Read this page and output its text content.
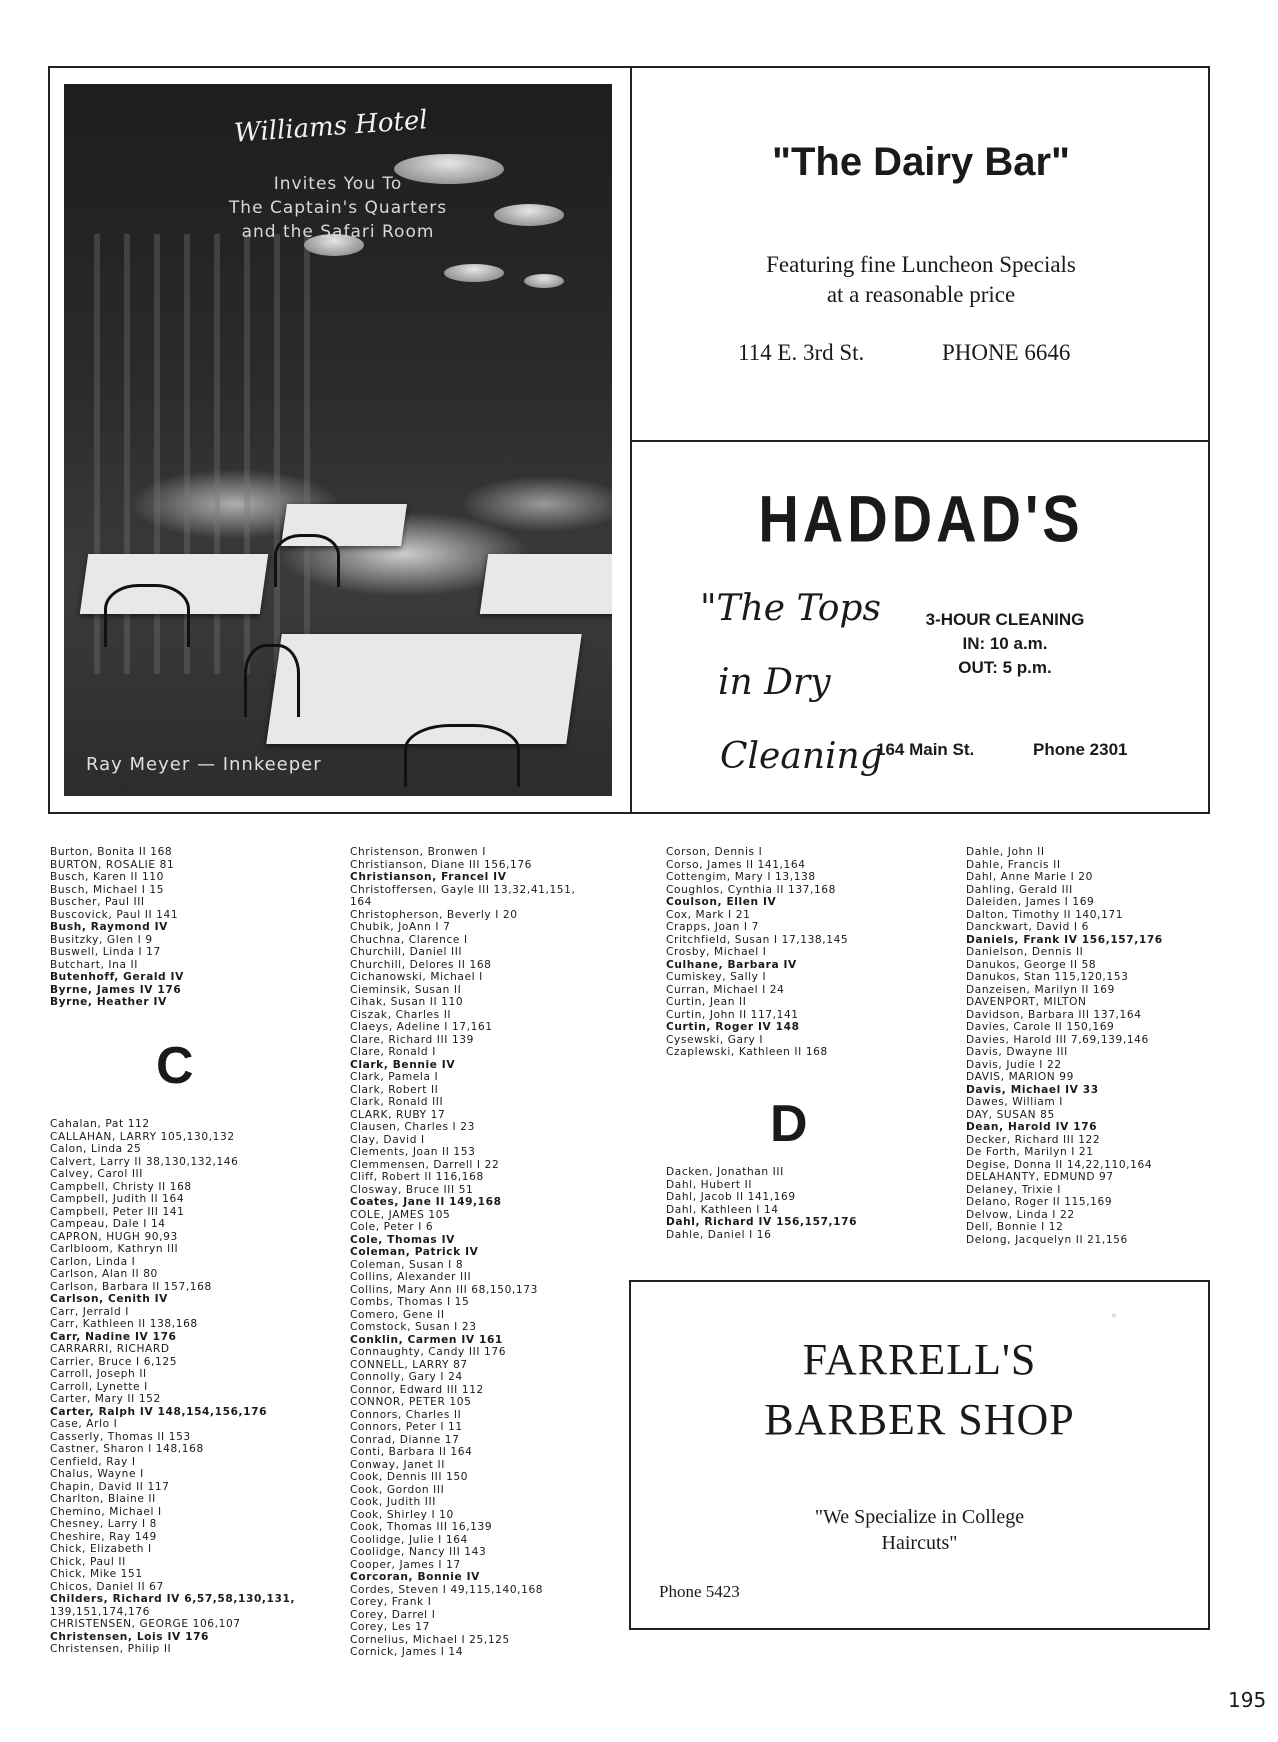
Williams Hotel
Invites You To
The Captain's Quarters
and the Safari Room
Ray Meyer — Innkeeper
"The Dairy Bar"
Featuring fine Luncheon Specials
at a reasonable price
114 E. 3rd St.	PHONE 6646
HADDAD'S
"The Tops
in Dry
Cleaning
3-HOUR CLEANING
IN: 10 a.m.
OUT: 5 p.m.
164 Main St.	Phone 2301
Burton, Bonita II 168
BURTON, ROSALIE 81
Busch, Karen II 110
Busch, Michael I 15
Buscher, Paul III
Buscovick, Paul II 141
Bush, Raymond IV
Busitzky, Glen I 9
Buswell, Linda I 17
Butchart, Ina II
Butenhoff, Gerald IV
Byrne, James IV 176
Byrne, Heather IV
C
Cahalan, Pat 112
CALLAHAN, LARRY 105,130,132
Calon, Linda 25
Calvert, Larry II 38,130,132,146
Calvey, Carol III
Campbell, Christy II 168
Campbell, Judith II 164
Campbell, Peter III 141
Campeau, Dale I 14
CAPRON, HUGH 90,93
Carlbloom, Kathryn III
Carlon, Linda I
Carlson, Alan II 80
Carlson, Barbara II 157,168
Carlson, Cenith IV
Carr, Jerrald I
Carr, Kathleen II 138,168
Carr, Nadine IV 176
CARRARRI, RICHARD
Carrier, Bruce I 6,125
Carroll, Joseph II
Carroll, Lynette I
Carter, Mary II 152
Carter, Ralph IV 148,154,156,176
Case, Arlo I
Casserly, Thomas II 153
Castner, Sharon I 148,168
Cenfield, Ray I
Chalus, Wayne I
Chapin, David II 117
Charlton, Blaine II
Chemino, Michael I
Chesney, Larry I 8
Cheshire, Ray 149
Chick, Elizabeth I
Chick, Paul II
Chick, Mike 151
Chicos, Daniel II 67
Childers, Richard IV 6,57,58,130,131,
139,151,174,176
CHRISTENSEN, GEORGE 106,107
Christensen, Lois IV 176
Christensen, Philip II
Christenson, Bronwen I
Christianson, Diane III 156,176
Christianson, Francel IV
Christoffersen, Gayle III 13,32,41,151,
164
Christopherson, Beverly I 20
Chubik, JoAnn I 7
Chuchna, Clarence I
Churchill, Daniel III
Churchill, Delores II 168
Cichanowski, Michael I
Cieminsik, Susan II
Cihak, Susan II 110
Ciszak, Charles II
Claeys, Adeline I 17,161
Clare, Richard III 139
Clare, Ronald I
Clark, Bennie IV
Clark, Pamela I
Clark, Robert II
Clark, Ronald III
CLARK, RUBY 17
Clausen, Charles I 23
Clay, David I
Clements, Joan II 153
Clemmensen, Darrell I 22
Cliff, Robert II 116,168
Closway, Bruce III 51
Coates, Jane II 149,168
COLE, JAMES 105
Cole, Peter I 6
Cole, Thomas IV
Coleman, Patrick IV
Coleman, Susan I 8
Collins, Alexander III
Collins, Mary Ann III 68,150,173
Combs, Thomas I 15
Comero, Gene II
Comstock, Susan I 23
Conklin, Carmen IV 161
Connaughty, Candy III 176
CONNELL, LARRY 87
Connolly, Gary I 24
Connor, Edward III 112
CONNOR, PETER 105
Connors, Charles II
Connors, Peter I 11
Conrad, Dianne 17
Conti, Barbara II 164
Conway, Janet II
Cook, Dennis III 150
Cook, Gordon III
Cook, Judith III
Cook, Shirley I 10
Cook, Thomas III 16,139
Coolidge, Julie I 164
Coolidge, Nancy III 143
Cooper, James I 17
Corcoran, Bonnie IV
Cordes, Steven I 49,115,140,168
Corey, Frank I
Corey, Darrel I
Corey, Les 17
Cornelius, Michael I 25,125
Cornick, James I 14
Corson, Dennis I
Corso, James II 141,164
Cottengim, Mary I 13,138
Coughlos, Cynthia II 137,168
Coulson, Ellen IV
Cox, Mark I 21
Crapps, Joan I 7
Critchfield, Susan I 17,138,145
Crosby, Michael I
Culhane, Barbara IV
Cumiskey, Sally I
Curran, Michael I 24
Curtin, Jean II
Curtin, John II 117,141
Curtin, Roger IV 148
Cysewski, Gary I
Czaplewski, Kathleen II 168
D
Dacken, Jonathan III
Dahl, Hubert II
Dahl, Jacob II 141,169
Dahl, Kathleen I 14
Dahl, Richard IV 156,157,176
Dahle, Daniel I 16
Dahle, John II
Dahle, Francis II
Dahl, Anne Marie I 20
Dahling, Gerald III
Daleiden, James I 169
Dalton, Timothy II 140,171
Danckwart, David I 6
Daniels, Frank IV 156,157,176
Danielson, Dennis II
Danukos, George II 58
Danukos, Stan 115,120,153
Danzeisen, Marilyn II 169
DAVENPORT, MILTON
Davidson, Barbara III 137,164
Davies, Carole II 150,169
Davies, Harold III 7,69,139,146
Davis, Dwayne III
Davis, Judie I 22
DAVIS, MARION 99
Davis, Michael IV 33
Dawes, William I
DAY, SUSAN 85
Dean, Harold IV 176
Decker, Richard III 122
De Forth, Marilyn I 21
Degise, Donna II 14,22,110,164
DELAHANTY, EDMUND 97
Delaney, Trixie I
Delano, Roger II 115,169
Delvow, Linda I 22
Dell, Bonnie I 12
Delong, Jacquelyn II 21,156
°
FARRELL'S
BARBER SHOP
"We Specialize in College
Haircuts"
Phone 5423
195
